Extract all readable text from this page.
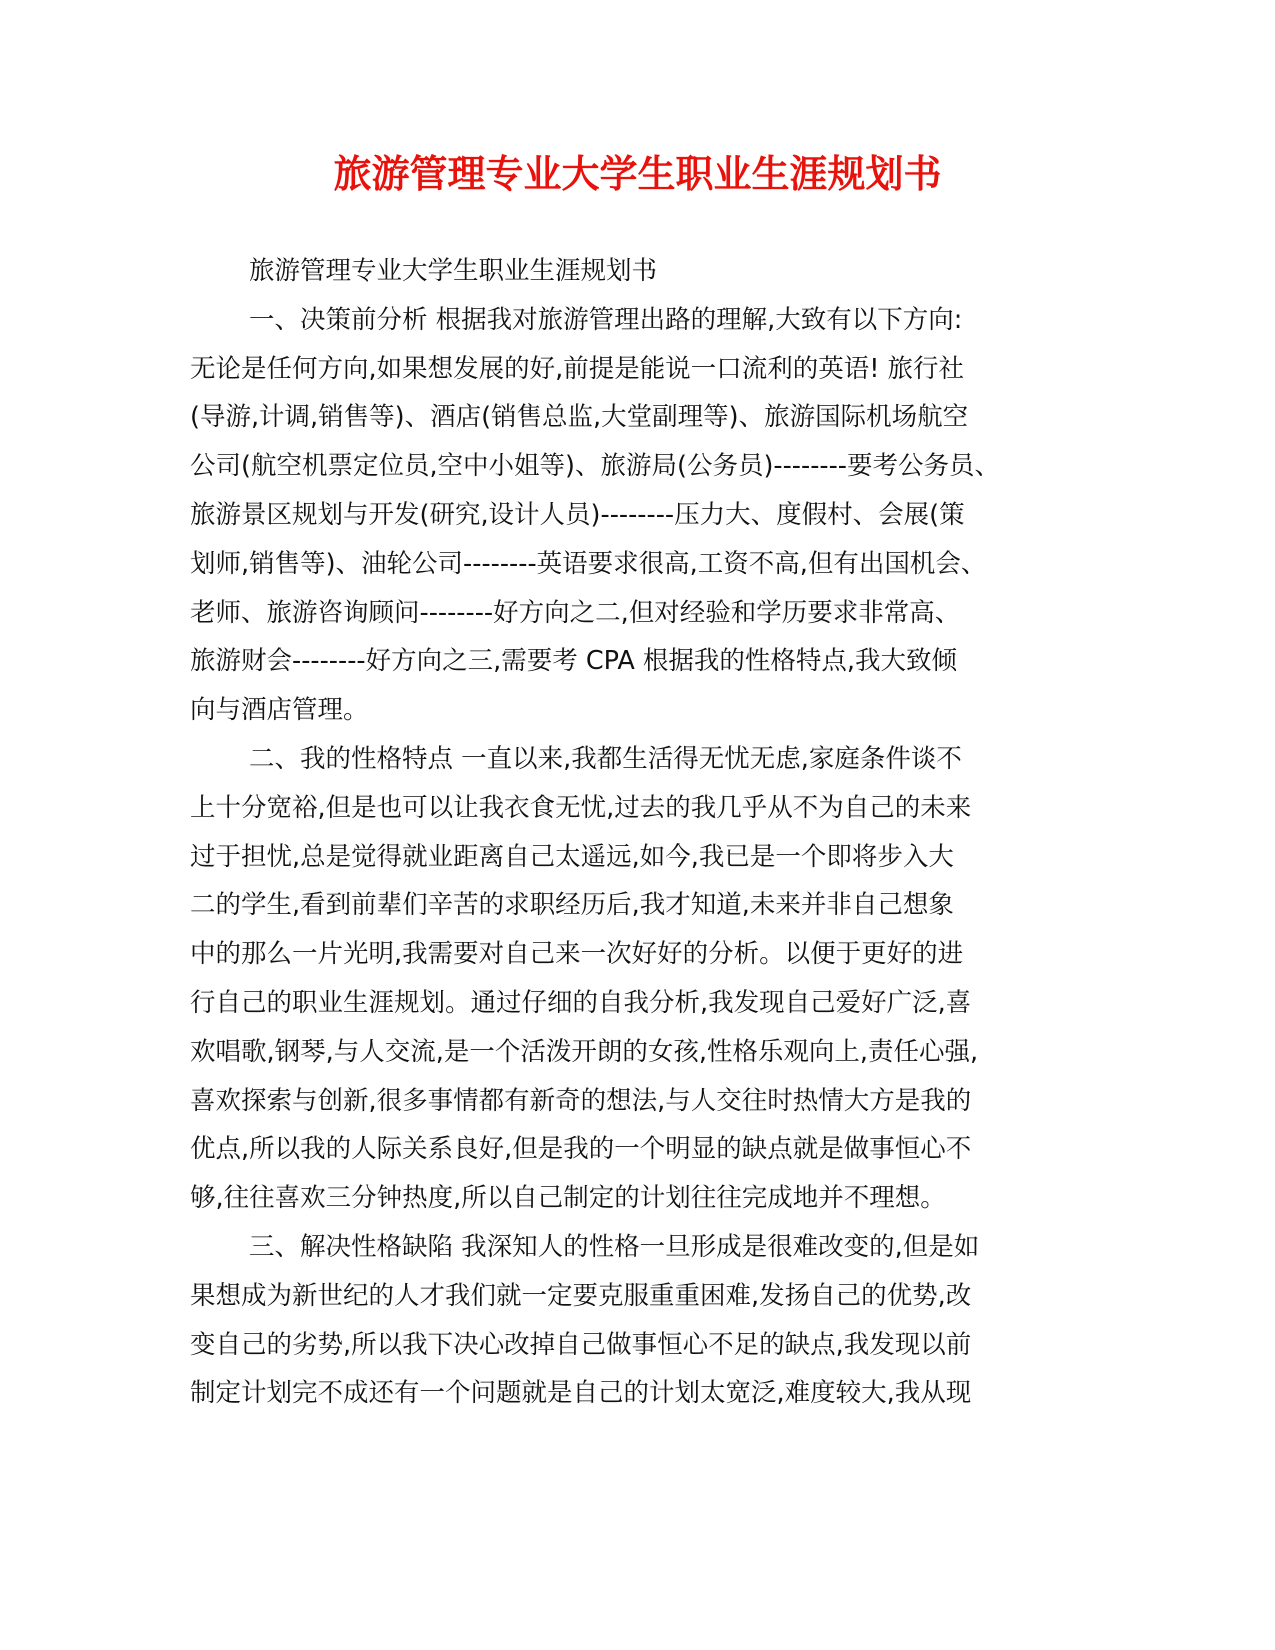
旅游管理专业大学生职业生涯规划书
旅游管理专业大学生职业生涯规划书
一、决策前分析 根据我对旅游管理出路的理解,大致有以下方向:
无论是任何方向,如果想发展的好,前提是能说一口流利的英语! 旅行社
(导游,计调,销售等)、酒店(销售总监,大堂副理等)、旅游国际机场航空
公司(航空机票定位员,空中小姐等)、旅游局(公务员)--------要考公务员、
旅游景区规划与开发(研究,设计人员)--------压力大、度假村、会展(策
划师,销售等)、油轮公司--------英语要求很高,工资不高,但有出国机会、
老师、旅游咨询顾问--------好方向之二,但对经验和学历要求非常高、
旅游财会--------好方向之三,需要考 CPA 根据我的性格特点,我大致倾
向与酒店管理。
二、我的性格特点 一直以来,我都生活得无忧无虑,家庭条件谈不
上十分宽裕,但是也可以让我衣食无忧,过去的我几乎从不为自己的未来
过于担忧,总是觉得就业距离自己太遥远,如今,我已是一个即将步入大
二的学生,看到前辈们辛苦的求职经历后,我才知道,未来并非自己想象
中的那么一片光明,我需要对自己来一次好好的分析。以便于更好的进
行自己的职业生涯规划。通过仔细的自我分析,我发现自己爱好广泛,喜
欢唱歌,钢琴,与人交流,是一个活泼开朗的女孩,性格乐观向上,责任心强,
喜欢探索与创新,很多事情都有新奇的想法,与人交往时热情大方是我的
优点,所以我的人际关系良好,但是我的一个明显的缺点就是做事恒心不
够,往往喜欢三分钟热度,所以自己制定的计划往往完成地并不理想。
三、解决性格缺陷 我深知人的性格一旦形成是很难改变的,但是如
果想成为新世纪的人才我们就一定要克服重重困难,发扬自己的优势,改
变自己的劣势,所以我下决心改掉自己做事恒心不足的缺点,我发现以前
制定计划完不成还有一个问题就是自己的计划太宽泛,难度较大,我从现
